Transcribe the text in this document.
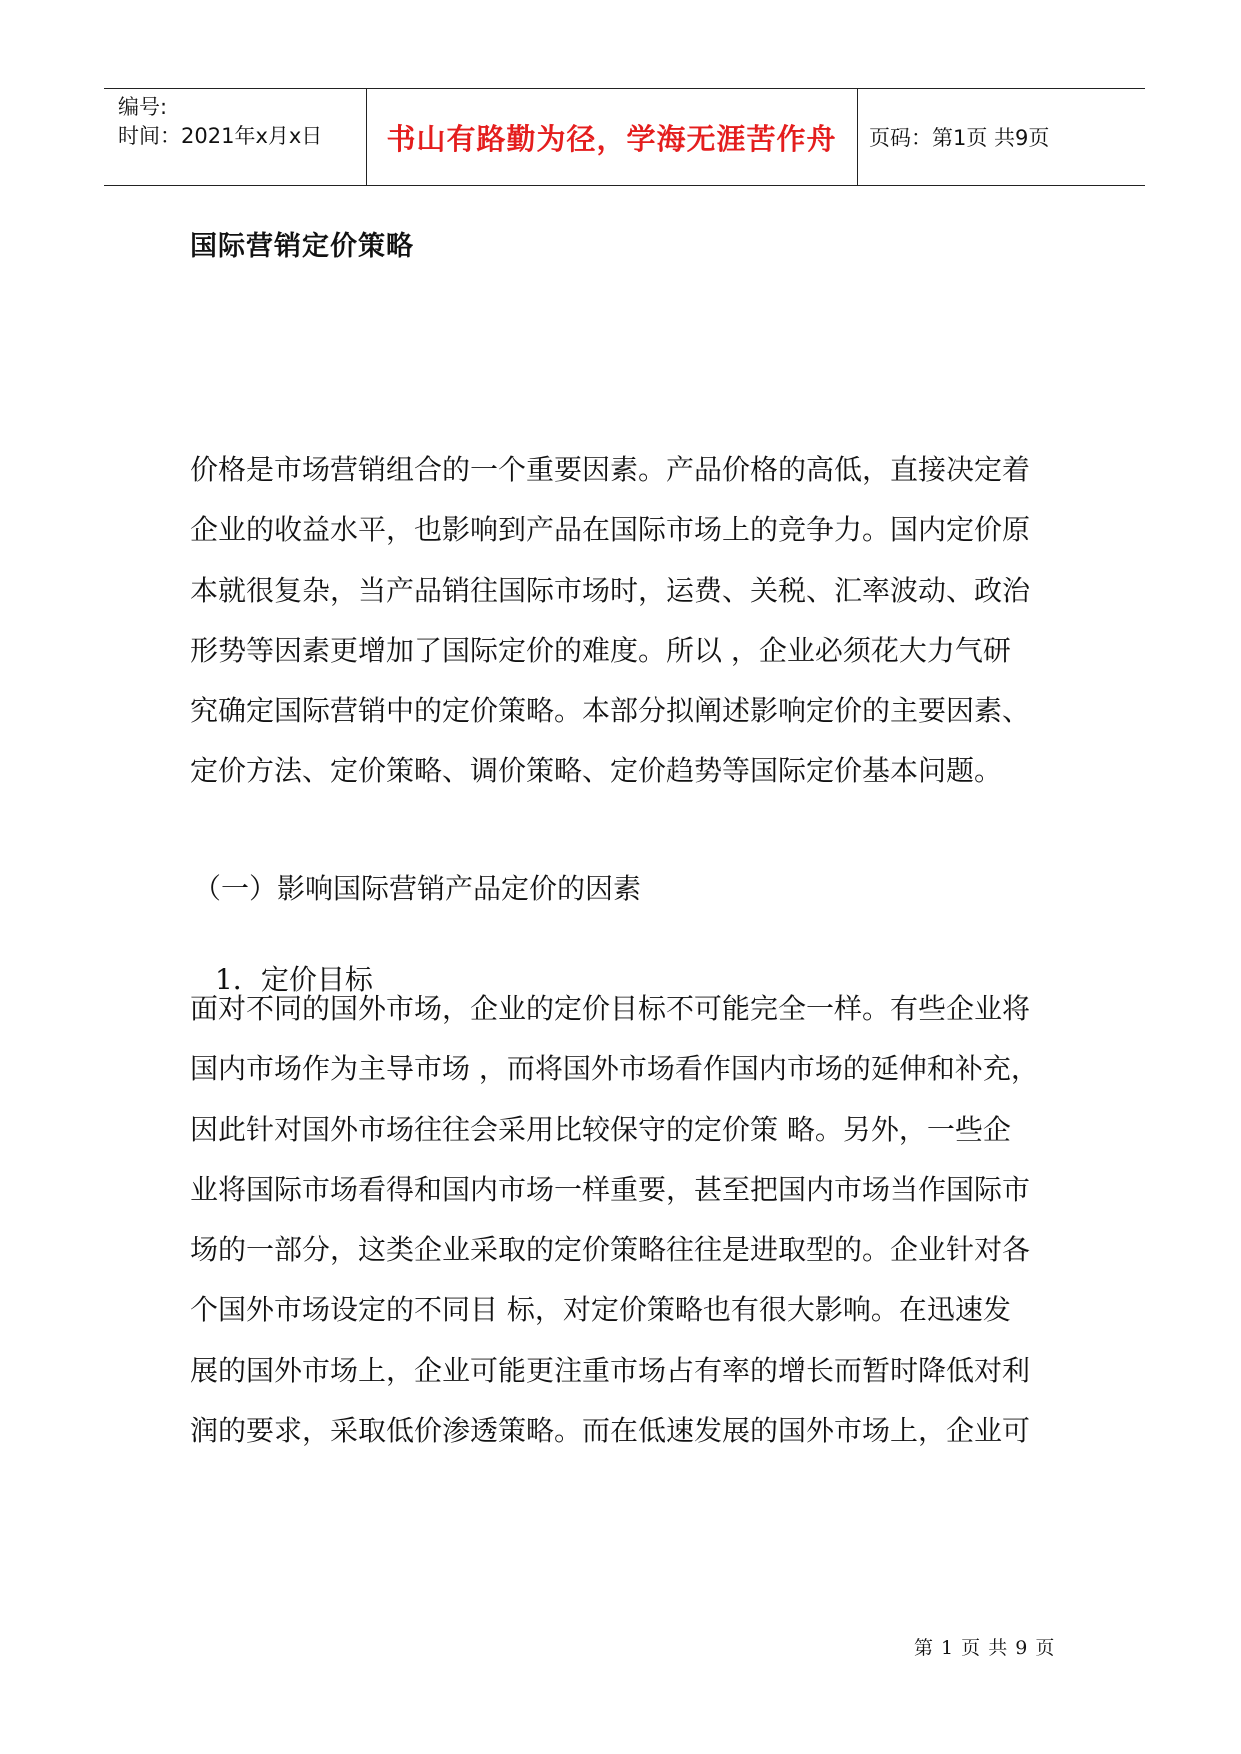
编号:
时间：2021年x月x日	书山有路勤为径，学海无涯苦作舟	页码：第1页 共9页
国际营销定价策略
价格是市场营销组合的一个重要因素。产品价格的高低，直接决定着
企业的收益水平，也影响到产品在国际市场上的竞争力。国内定价原
本就很复杂，当产品销往国际市场时，运费、关税、汇率波动、政治
形势等因素更增加了国际定价的难度。所以 ，企业必须花大力气研
究确定国际营销中的定价策略。本部分拟阐述影响定价的主要因素、
定价方法、定价策略、调价策略、定价趋势等国际定价基本问题。
（一）影响国际营销产品定价的因素
1．定价目标
面对不同的国外市场，企业的定价目标不可能完全一样。有些企业将
国内市场作为主导市场 ，而将国外市场看作国内市场的延伸和补充，
因此针对国外市场往往会采用比较保守的定价策 略。另外，一些企
业将国际市场看得和国内市场一样重要，甚至把国内市场当作国际市
场的一部分，这类企业采取的定价策略往往是进取型的。企业针对各
个国外市场设定的不同目 标，对定价策略也有很大影响。在迅速发
展的国外市场上，企业可能更注重市场占有率的增长而暂时降低对利
润的要求，采取低价渗透策略。而在低速发展的国外市场上，企业可
第 1 页 共 9 页
